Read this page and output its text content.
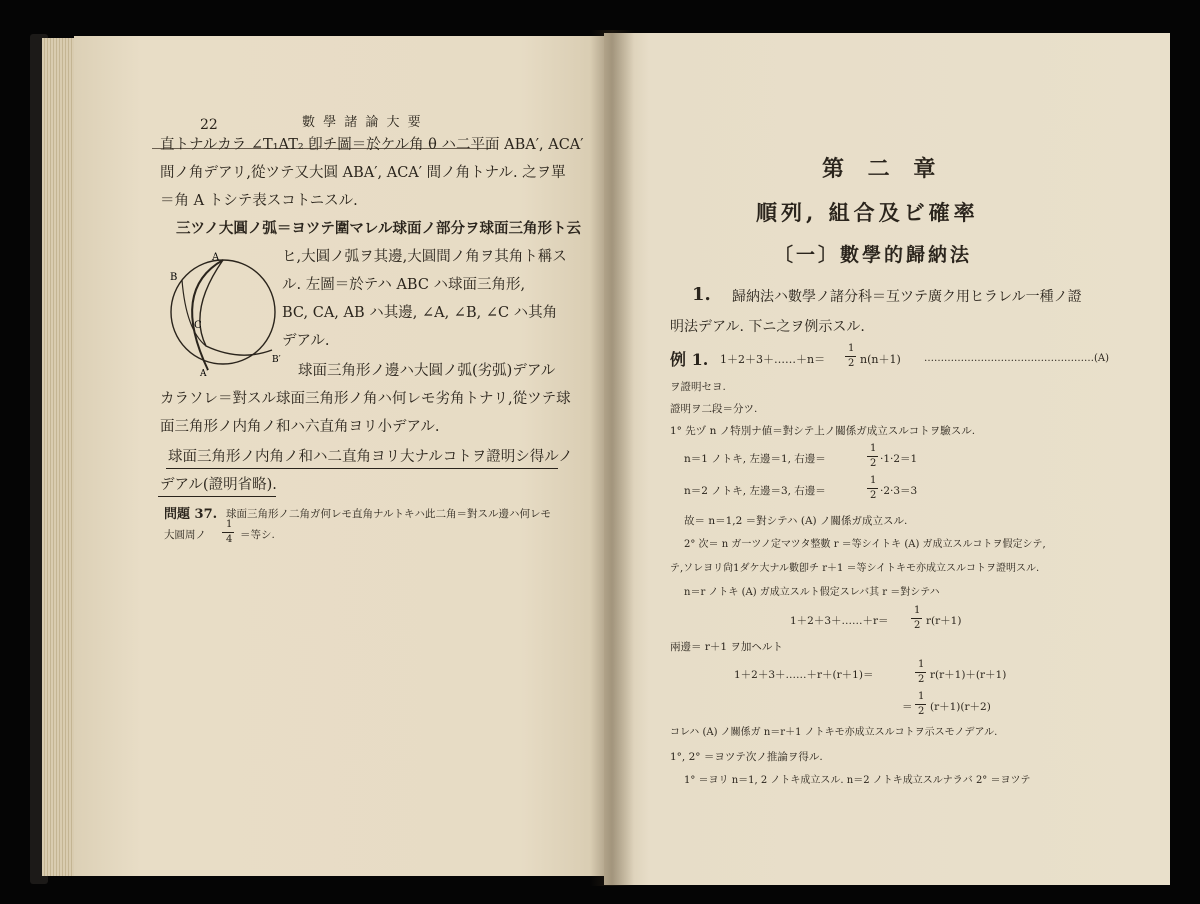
22	數 學 諸 論 大 要
直トナルカラ ∠T₁AT₂ 卽チ圖＝於ケル角 θ ハ二平面 ABA′, ACA′
間ノ角デアリ,從ツテ又大圓 ABA′, ACA′ 間ノ角トナル. 之ヲ單
＝角 A トシテ表スコトニスル.
三ツノ大圓ノ弧＝ヨツテ圍マレル球面ノ部分ヲ球面三角形ト云
ヒ,大圓ノ弧ヲ其邊,大圓間ノ角ヲ其角ト稱ス
ル. 左圖＝於テハ ABC ハ球面三角形,
BC, CA, AB ハ其邊, ∠A, ∠B, ∠C ハ其角
デアル.
球面三角形ノ邊ハ大圓ノ弧(劣弧)デアル
カラソレ＝對スル球面三角形ノ角ハ何レモ劣角トナリ,從ツテ球
面三角形ノ内角ノ和ハ六直角ヨリ小デアル.
球面三角形ノ内角ノ和ハ二直角ヨリ大ナルコトヲ證明シ得ルノ
デアル(證明省略).
問題 37. 球面三角形ノ二角ガ何レモ直角ナルトキハ此二角＝對スル邊ハ何レモ
大圓周ノ
1
4 ＝等シ.
A
B
C
B′
A′
第 二 章
順列, 組合及ビ確率
〔一〕數學的歸納法
1. 歸納法ハ數學ノ諸分科＝互ツテ廣ク用ヒラレル一種ノ證
明法デアル. 下ニ之ヲ例示スル.
例 1. 1＋2＋3＋……＋n＝
1
2 n(n＋1) ……………………………………………(A)
ヲ證明セヨ.
證明ヲ二段＝分ツ.
1° 先ヅ n ノ特別ナ値＝對シテ上ノ關係ガ成立スルコトヲ驗スル.
n＝1 ノトキ, 左邊＝1, 右邊＝
1
2 ·1·2＝1
n＝2 ノトキ, 左邊＝3, 右邊＝
1
2 ·2·3＝3
故＝ n＝1,2 ＝對シテハ (A) ノ關係ガ成立スル.
2° 次＝ n ガ一ツノ定マツタ整數 r ＝等シイトキ (A) ガ成立スルコトヲ假定シテ,
テ,ソレヨリ尙1ダケ大ナル數卽チ r＋1 ＝等シイトキモ亦成立スルコトヲ證明スル.
n＝r ノトキ (A) ガ成立スルト假定スレバ其 r ＝對シテハ
1＋2＋3＋……＋r＝
1
2 r(r＋1)
兩邊＝ r＋1 ヲ加ヘルト
1＋2＋3＋……＋r＋(r＋1)＝
1
2 r(r＋1)＋(r＋1)
＝
1
2 (r＋1)(r＋2)
コレハ (A) ノ關係ガ n＝r＋1 ノトキモ亦成立スルコトヲ示スモノデアル.
1°, 2° ＝ヨツテ次ノ推論ヲ得ル.
1° ＝ヨリ n＝1, 2 ノトキ成立スル. n＝2 ノトキ成立スルナラバ 2° ＝ヨツテ
